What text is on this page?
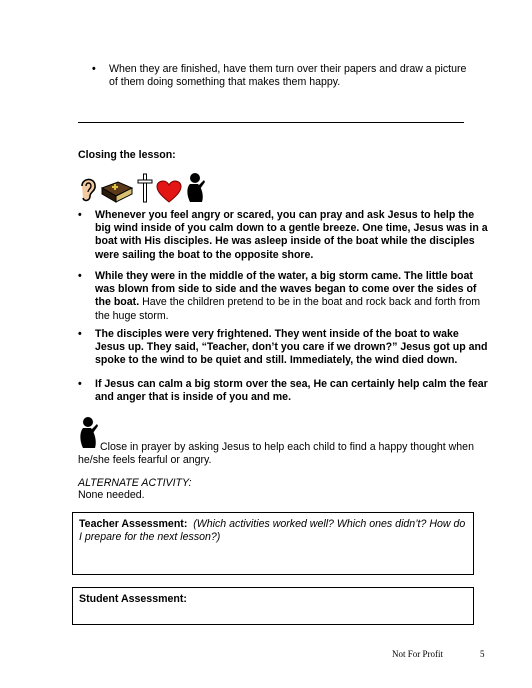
• When they are finished, have them turn over their papers and draw a picture of them doing something that makes them happy.
Closing the lesson:
• Whenever you feel angry or scared, you can pray and ask Jesus to help the big wind inside of you calm down to a gentle breeze. One time, Jesus was in a boat with His disciples. He was asleep inside of the boat while the disciples were sailing the boat to the opposite shore.
• While they were in the middle of the water, a big storm came. The little boat was blown from side to side and the waves began to come over the sides of the boat. Have the children pretend to be in the boat and rock back and forth from the huge storm.
• The disciples were very frightened. They went inside of the boat to wake Jesus up. They said, “Teacher, don’t you care if we drown?” Jesus got up and spoke to the wind to be quiet and still. Immediately, the wind died down.
• If Jesus can calm a big storm over the sea, He can certainly help calm the fear and anger that is inside of you and me.
Close in prayer by asking Jesus to help each child to find a happy thought when he/she feels fearful or angry.
ALTERNATE ACTIVITY:
None needed.
Teacher Assessment: (Which activities worked well? Which ones didn’t? How do I prepare for the next lesson?)
Student Assessment:
Not For Profit	5
